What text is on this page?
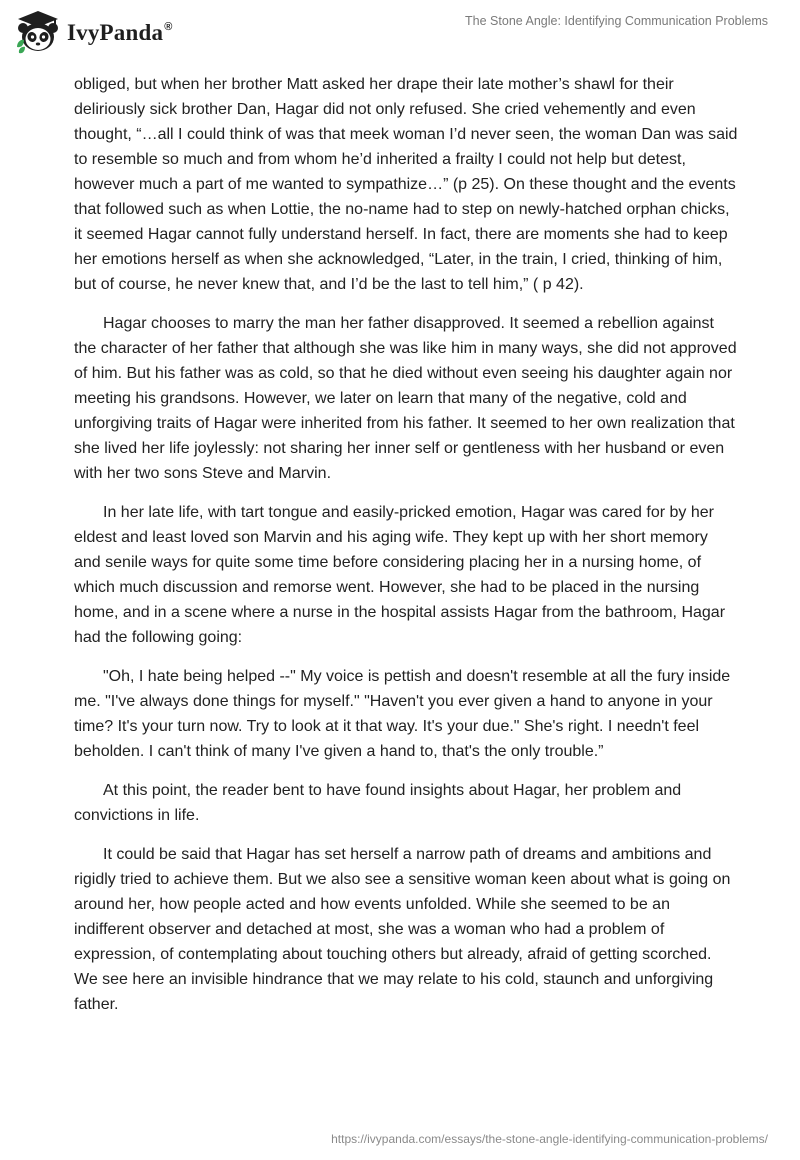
IvyPanda®	The Stone Angle: Identifying Communication Problems

obliged, but when her brother Matt asked her drape their late mother’s shawl for their deliriously sick brother Dan, Hagar did not only refused. She cried vehemently and even thought, “…all I could think of was that meek woman I’d never seen, the woman Dan was said to resemble so much and from whom he’d inherited a frailty I could not help but detest, however much a part of me wanted to sympathize…” (p 25). On these thought and the events that followed such as when Lottie, the no-name had to step on newly-hatched orphan chicks, it seemed Hagar cannot fully understand herself. In fact, there are moments she had to keep her emotions herself as when she acknowledged, “Later, in the train, I cried, thinking of him, but of course, he never knew that, and I’d be the last to tell him,” ( p 42).

Hagar chooses to marry the man her father disapproved. It seemed a rebellion against the character of her father that although she was like him in many ways, she did not approved of him. But his father was as cold, so that he died without even seeing his daughter again nor meeting his grandsons. However, we later on learn that many of the negative, cold and unforgiving traits of Hagar were inherited from his father. It seemed to her own realization that she lived her life joylessly: not sharing her inner self or gentleness with her husband or even with her two sons Steve and Marvin.

In her late life, with tart tongue and easily-pricked emotion, Hagar was cared for by her eldest and least loved son Marvin and his aging wife. They kept up with her short memory and senile ways for quite some time before considering placing her in a nursing home, of which much discussion and remorse went. However, she had to be placed in the nursing home, and in a scene where a nurse in the hospital assists Hagar from the bathroom, Hagar had the following going:

"Oh, I hate being helped --" My voice is pettish and doesn't resemble at all the fury inside me. "I've always done things for myself." "Haven't you ever given a hand to anyone in your time? It's your turn now. Try to look at it that way. It's your due." She's right. I needn't feel beholden. I can't think of many I've given a hand to, that's the only trouble.”

At this point, the reader bent to have found insights about Hagar, her problem and convictions in life.

It could be said that Hagar has set herself a narrow path of dreams and ambitions and rigidly tried to achieve them. But we also see a sensitive woman keen about what is going on around her, how people acted and how events unfolded. While she seemed to be an indifferent observer and detached at most, she was a woman who had a problem of expression, of contemplating about touching others but already, afraid of getting scorched. We see here an invisible hindrance that we may relate to his cold, staunch and unforgiving father.

https://ivypanda.com/essays/the-stone-angle-identifying-communication-problems/
